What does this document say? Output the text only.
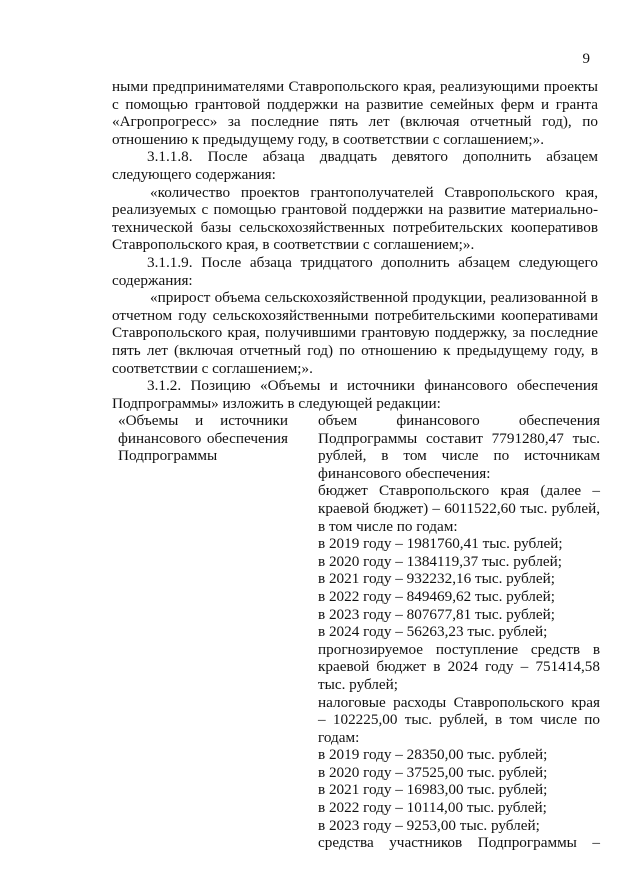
9

ными предпринимателями Ставропольского края, реализующими проекты с помощью грантовой поддержки на развитие семейных ферм и гранта «Агропрогресс» за последние пять лет (включая отчетный год), по отношению к предыдущему году, в соответствии с соглашением;».

3.1.1.8. После абзаца двадцать девятого дополнить абзацем следующего содержания:

«количество проектов грантополучателей Ставропольского края, реализуемых с помощью грантовой поддержки на развитие материально-технической базы сельскохозяйственных потребительских кооперативов Ставропольского края, в соответствии с соглашением;».

3.1.1.9. После абзаца тридцатого дополнить абзацем следующего содержания:

«прирост объема сельскохозяйственной продукции, реализованной в отчетном году сельскохозяйственными потребительскими кооперативами Ставропольского края, получившими грантовую поддержку, за последние пять лет (включая отчетный год) по отношению к предыдущему году, в соответствии с соглашением;».

3.1.2. Позицию «Объемы и источники финансового обеспечения Подпрограммы» изложить в следующей редакции:

«Объемы и источники финансового обеспечения Подпрограммы

объем финансового обеспечения Подпрограммы составит 7791280,47 тыс. рублей, в том числе по источникам финансового обеспечения:

бюджет Ставропольского края (далее – краевой бюджет) – 6011522,60 тыс. рублей, в том числе по годам:

в 2019 году – 1981760,41 тыс. рублей;

в 2020 году – 1384119,37 тыс. рублей;

в 2021 году – 932232,16 тыс. рублей;

в 2022 году – 849469,62 тыс. рублей;

в 2023 году – 807677,81 тыс. рублей;

в 2024 году – 56263,23 тыс. рублей;

прогнозируемое поступление средств в краевой бюджет в 2024 году – 751414,58 тыс. рублей;

налоговые расходы Ставропольского края – 102225,00 тыс. рублей, в том числе по годам:

в 2019 году – 28350,00 тыс. рублей;

в 2020 году – 37525,00 тыс. рублей;

в 2021 году – 16983,00 тыс. рублей;

в 2022 году – 10114,00 тыс. рублей;

в 2023 году – 9253,00 тыс. рублей;

средства участников Подпрограммы –
